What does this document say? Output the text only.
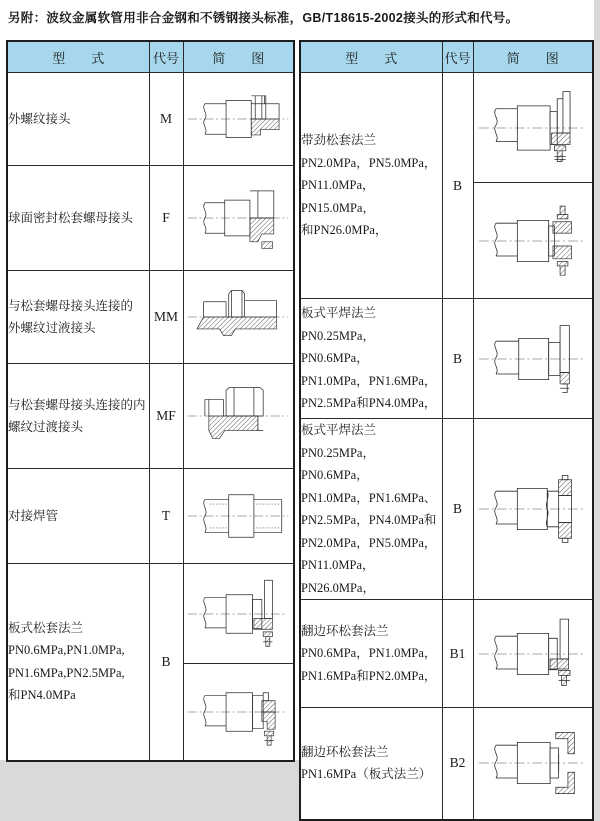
另附：波纹金属软管用非合金钢和不锈钢接头标准，GB/T18615-2002接头的形式和代号。

型　　式	代号	简　　图
外螺纹接头	M	

球面密封松套螺母接头	F	

与松套螺母接头连接的
外螺纹过液接头	MM	

与松套螺母接头连接的内
螺纹过渡接头	MF	

对接焊管	T	

板式松套法兰
PN0.6MPa,PN1.0MPa,
PN1.6MPa,PN2.5MPa,
和PN4.0MPa	B	

型　　式	代号	简　　图
带劲松套法兰
PN2.0MPa，PN5.0MPa，
PN11.0MPa，PN15.0MPa，
和PN26.0MPa，	B	

板式平焊法兰
PN0.25MPa，PN0.6MPa，
PN1.0MPa，PN1.6MPa，
PN2.5MPa和PN4.0MPa，	B	

板式平焊法兰
PN0.25MPa，PN0.6MPa，
PN1.0MPa，PN1.6MPa、
PN2.5MPa，PN4.0MPa和
PN2.0MPa，PN5.0MPa，
PN11.0MPa，PN26.0MPa，	B	

翻边环松套法兰
PN0.6MPa，PN1.0MPa，
PN1.6MPa和PN2.0MPa，	B1	

翻边环松套法兰
PN1.6MPa（板式法兰）	B2	
